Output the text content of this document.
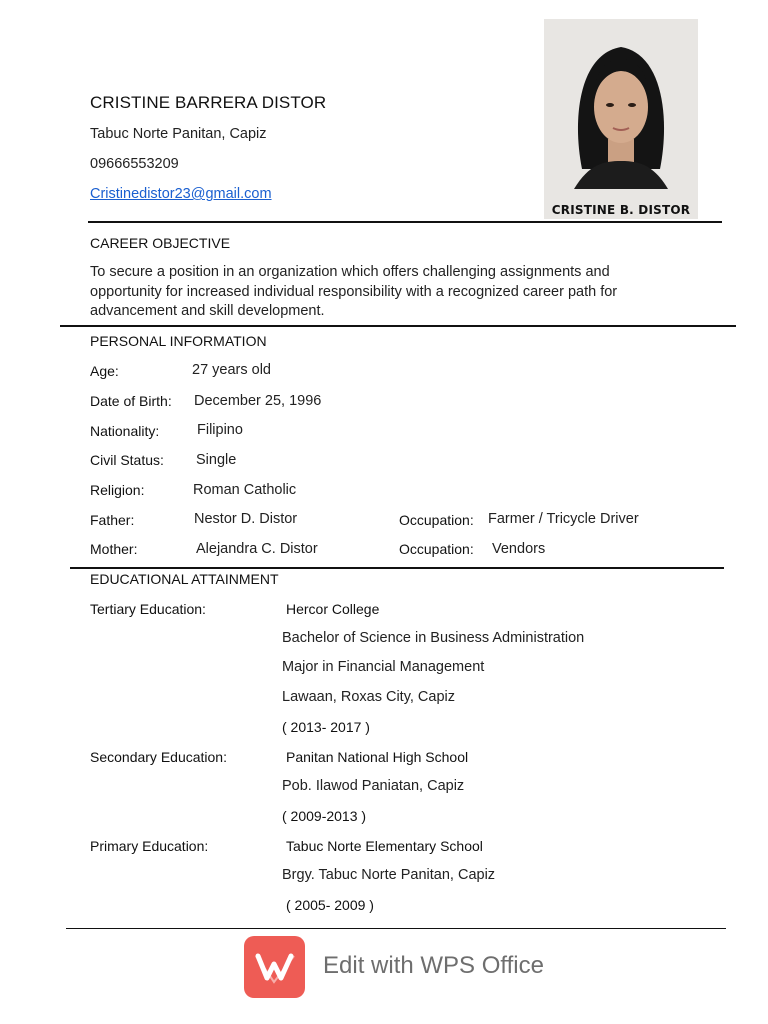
CRISTINE BARRERA DISTOR
Tabuc Norte Panitan, Capiz
09666553209
Cristinedistor23@gmail.com
CRISTINE B. DISTOR
CAREER OBJECTIVE
To secure a position in an organization which offers challenging assignments and
opportunity for increased individual responsibility with a recognized career path for
advancement and skill development.
PERSONAL INFORMATION
Age:	27 years old
Date of Birth: December 25, 1996
Nationality:	Filipino
Civil Status: Single
Religion:	Roman Catholic
Father:	Nestor D. Distor	Occupation: Farmer / Tricycle Driver
Mother:	Alejandra C. Distor	Occupation: Vendors
EDUCATIONAL ATTAINMENT
Tertiary Education:	Hercor College
Bachelor of Science in Business Administration
Major in Financial Management
Lawaan, Roxas City, Capiz
( 2013- 2017 )
Secondary Education:	Panitan National High School
Pob. Ilawod Paniatan, Capiz
( 2009-2013 )
Primary Education:	Tabuc Norte Elementary School
Brgy. Tabuc Norte Panitan, Capiz
( 2005- 2009 )
Edit with WPS Office
